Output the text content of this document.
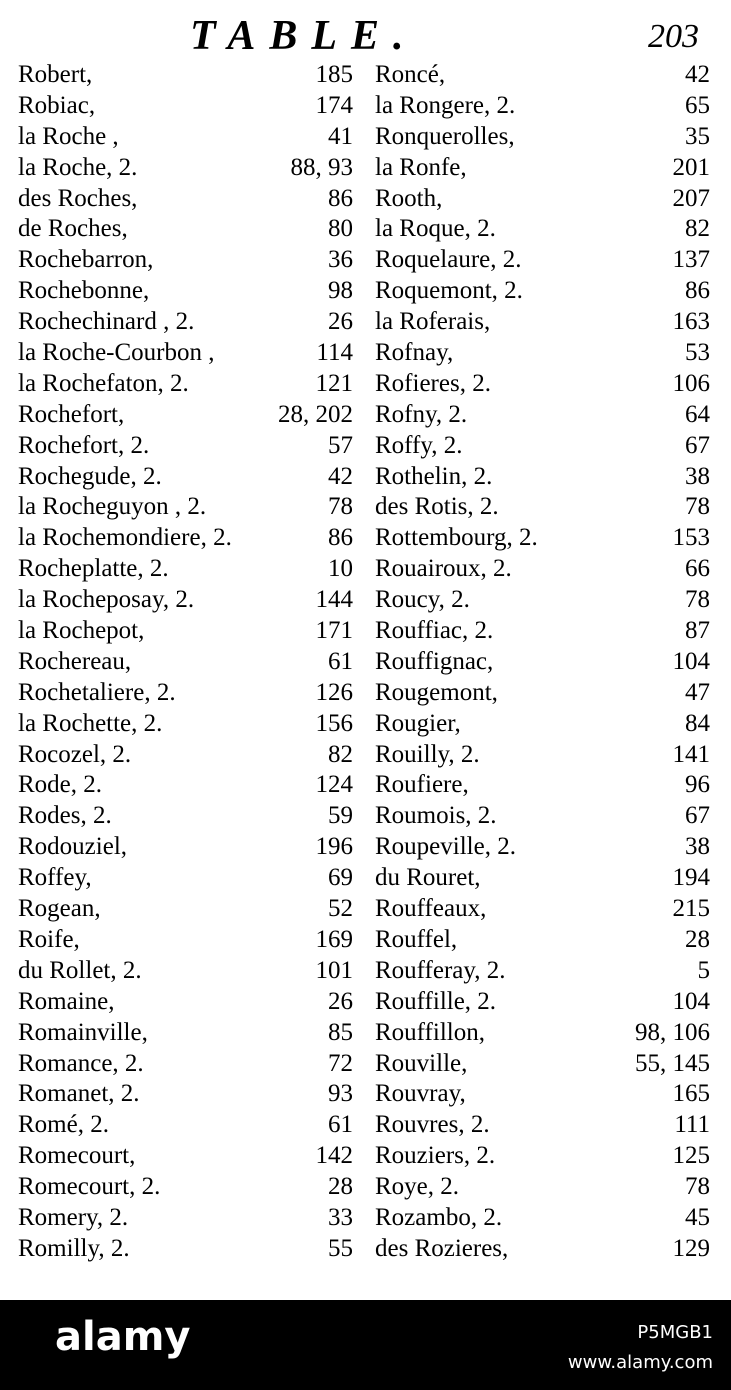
TABLE.	203
Robert,	185
Robiac,	174
la Roche ,	41
la Roche, 2.	88, 93
des Roches,	86
de Roches,	80
Rochebarron,	36
Rochebonne,	98
Rochechinard , 2.	26
la Roche-Courbon ,	114
la Rochefaton, 2.	121
Rochefort,	28, 202
Rochefort, 2.	57
Rochegude, 2.	42
la Rocheguyon , 2.	78
la Rochemondiere, 2.	86
Rocheplatte, 2.	10
la Rocheposay, 2.	144
la Rochepot,	171
Rochereau,	61
Rochetaliere, 2.	126
la Rochette, 2.	156
Rocozel, 2.	82
Rode, 2.	124
Rodes, 2.	59
Rodouziel,	196
Roffey,	69
Rogean,	52
Roife,	169
du Rollet, 2.	101
Romaine,	26
Romainville,	85
Romance, 2.	72
Romanet, 2.	93
Romé, 2.	61
Romecourt,	142
Romecourt, 2.	28
Romery, 2.	33
Romilly, 2.	55
Roncé,	42
la Rongere, 2.	65
Ronquerolles,	35
la Ronfe,	201
Rooth,	207
la Roque, 2.	82
Roquelaure, 2.	137
Roquemont, 2.	86
la Roferais,	163
Rofnay,	53
Rofieres, 2.	106
Rofny, 2.	64
Roffy, 2.	67
Rothelin, 2.	38
des Rotis, 2.	78
Rottembourg, 2.	153
Rouairoux, 2.	66
Roucy, 2.	78
Rouffiac, 2.	87
Rouffignac,	104
Rougemont,	47
Rougier,	84
Rouilly, 2.	141
Roufiere,	96
Roumois, 2.	67
Roupeville, 2.	38
du Rouret,	194
Rouffeaux,	215
Rouffel,	28
Roufferay, 2.	5
Rouffille, 2.	104
Rouffillon,	98, 106
Rouville,	55, 145
Rouvray,	165
Rouvres, 2.	111
Rouziers, 2.	125
Roye, 2.	78
Rozambo, 2.	45
des Rozieres,	129
alamy	P5MGB1
www.alamy.com
